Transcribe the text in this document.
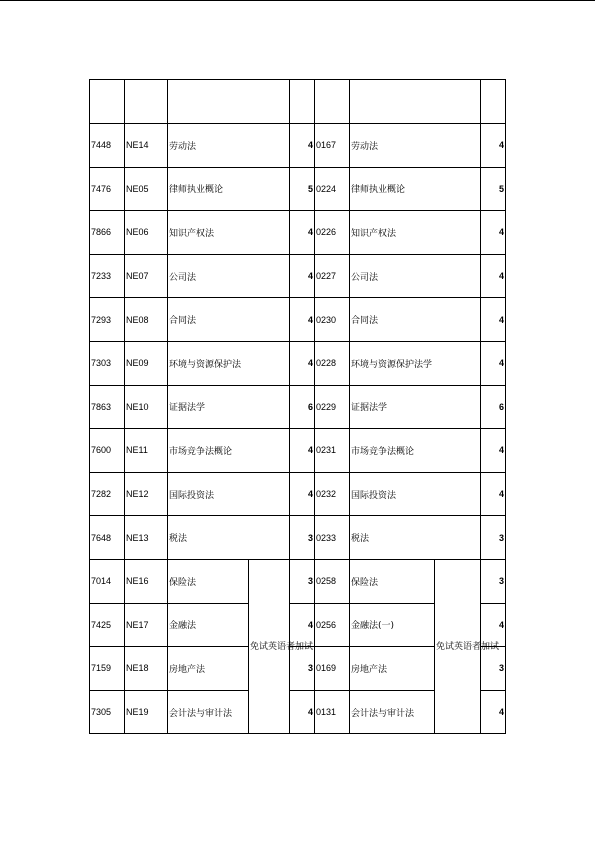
7448	NE14	劳动法		4	0167	劳动法		4
7476	NE05	律师执业概论		5	0224	律师执业概论		5
7866	NE06	知识产权法		4	0226	知识产权法		4
7233	NE07	公司法		4	0227	公司法		4
7293	NE08	合同法		4	0230	合同法		4
7303	NE09	环境与资源保护法		4	0228	环境与资源保护法学		4
7863	NE10	证据法学		6	0229	证据法学		6
7600	NE11	市场竞争法概论		4	0231	市场竞争法概论		4
7282	NE12	国际投资法		4	0232	国际投资法		4
7648	NE13	税法		3	0233	税法		3
7014	NE16	保险法	免试英语者加试	3	0258	保险法	免试英语者加试	3
7425	NE17	金融法		4	0256	金融法(一)		4
7159	NE18	房地产法		3	0169	房地产法		3
7305	NE19	会计法与审计法		4	0131	会计法与审计法		4
